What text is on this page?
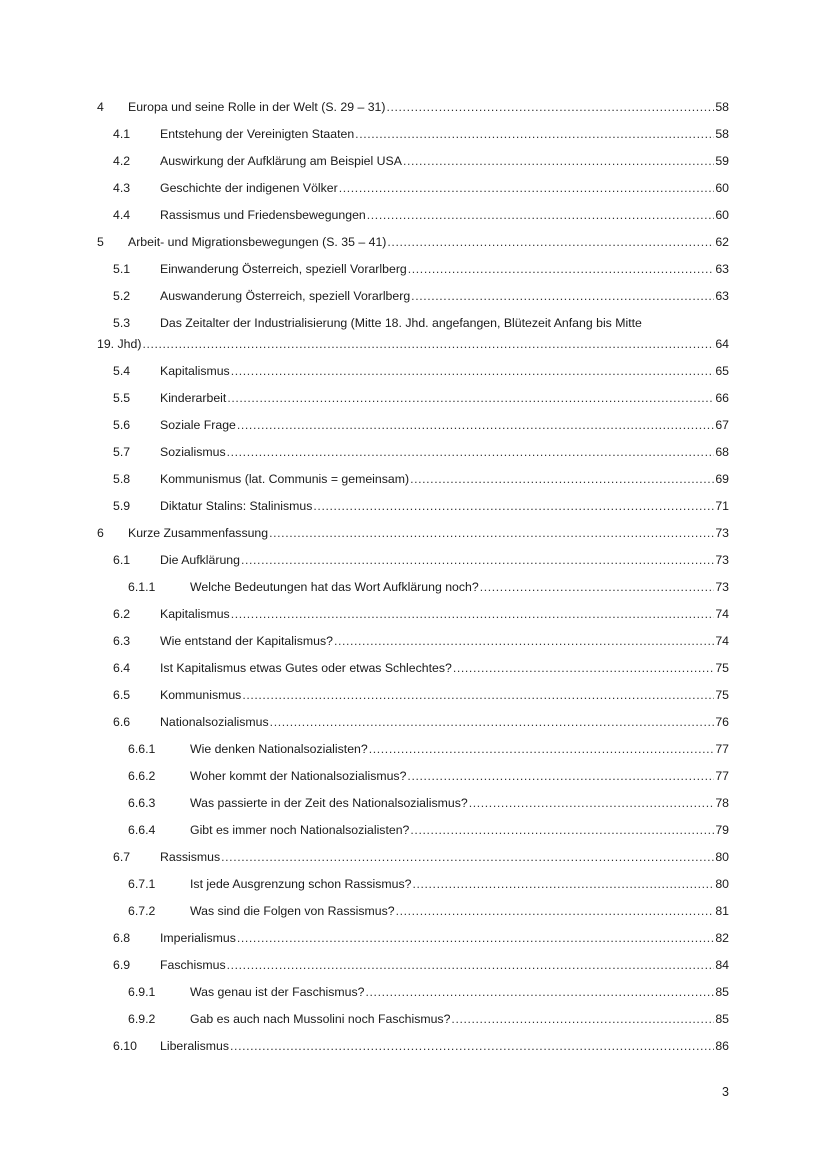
4	Europa und seine Rolle in der Welt (S. 29 – 31) .....	58
4.1	Entstehung der Vereinigten Staaten .....	58
4.2	Auswirkung der Aufklärung am Beispiel USA .....	59
4.3	Geschichte der indigenen Völker .....	60
4.4	Rassismus und Friedensbewegungen .....	60
5	Arbeit- und Migrationsbewegungen (S. 35 – 41) .....	62
5.1	Einwanderung Österreich, speziell Vorarlberg .....	63
5.2	Auswanderung Österreich, speziell Vorarlberg .....	63
5.3	Das Zeitalter der Industrialisierung (Mitte 18. Jhd. angefangen, Blütezeit Anfang bis Mitte
19. Jhd) .....	64
5.4	Kapitalismus .....	65
5.5	Kinderarbeit .....	66
5.6	Soziale Frage .....	67
5.7	Sozialismus .....	68
5.8	Kommunismus (lat. Communis = gemeinsam) .....	69
5.9	Diktatur Stalins: Stalinismus .....	71
6	Kurze Zusammenfassung .....	73
6.1	Die Aufklärung .....	73
6.1.1	Welche Bedeutungen hat das Wort Aufklärung noch? .....	73
6.2	Kapitalismus .....	74
6.3	Wie entstand der Kapitalismus? .....	74
6.4	Ist Kapitalismus etwas Gutes oder etwas Schlechtes? .....	75
6.5	Kommunismus .....	75
6.6	Nationalsozialismus .....	76
6.6.1	Wie denken Nationalsozialisten? .....	77
6.6.2	Woher kommt der Nationalsozialismus? .....	77
6.6.3	Was passierte in der Zeit des Nationalsozialismus? .....	78
6.6.4	Gibt es immer noch Nationalsozialisten? .....	79
6.7	Rassismus .....	80
6.7.1	Ist jede Ausgrenzung schon Rassismus? .....	80
6.7.2	Was sind die Folgen von Rassismus? .....	81
6.8	Imperialismus .....	82
6.9	Faschismus .....	84
6.9.1	Was genau ist der Faschismus? .....	85
6.9.2	Gab es auch nach Mussolini noch Faschismus? .....	85
6.10	Liberalismus .....	86
3
